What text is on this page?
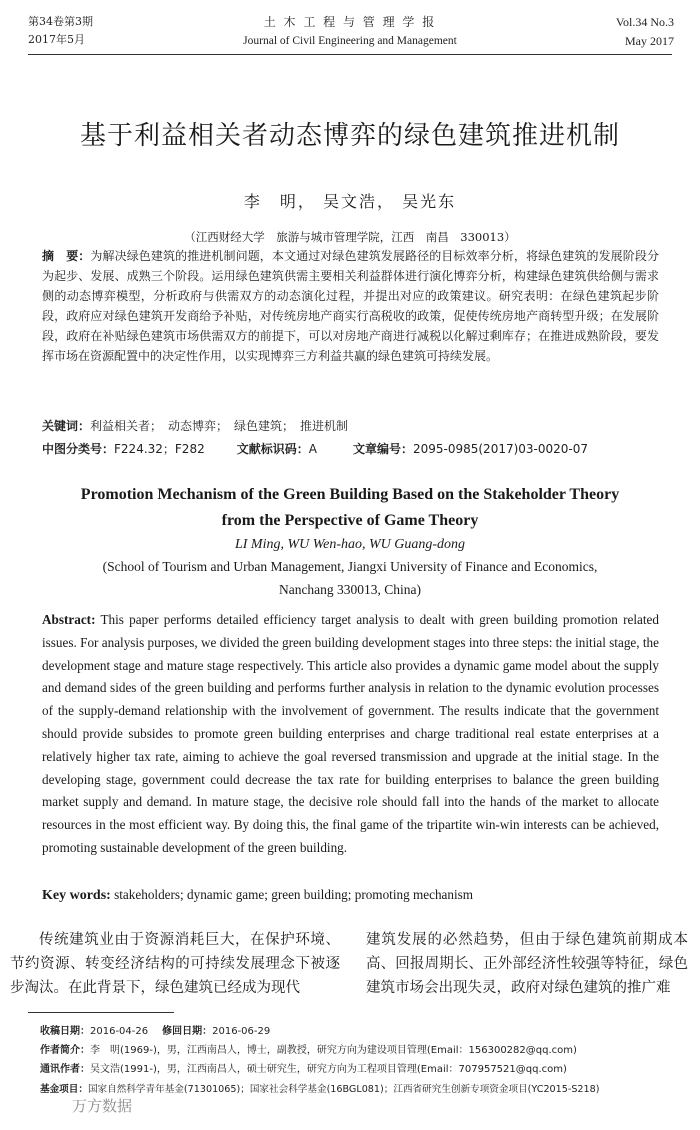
第34卷第3期
2017年5月
土 木 工 程 与 管 理 学 报
Journal of Civil Engineering and Management
Vol.34 No.3
May 2017
基于利益相关者动态博弈的绿色建筑推进机制
李　明， 吴文浩， 吴光东
（江西财经大学　旅游与城市管理学院，江西　南昌　330013）
摘　要：为解决绿色建筑的推进机制问题，本文通过对绿色建筑发展路径的目标效率分析，将绿色建筑的发展阶段分为起步、发展、成熟三个阶段。运用绿色建筑供需主要相关利益群体进行演化博弈分析，构建绿色建筑供给侧与需求侧的动态博弈模型，分析政府与供需双方的动态演化过程，并提出对应的政策建议。研究表明：在绿色建筑起步阶段，政府应对绿色建筑开发商给予补贴，对传统房地产商实行高税收的政策，促使传统房地产商转型升级；在发展阶段，政府在补贴绿色建筑市场供需双方的前提下，可以对房地产商进行减税以化解过剩库存；在推进成熟阶段，要发挥市场在资源配置中的决定性作用，以实现博弈三方利益共赢的绿色建筑可持续发展。
关键词：利益相关者；　动态博弈；　绿色建筑；　推进机制
中图分类号：F224.32；F282	文献标识码：A	文章编号：2095-0985(2017)03-0020-07
Promotion Mechanism of the Green Building Based on the Stakeholder Theory
from the Perspective of Game Theory
LI Ming, WU Wen-hao, WU Guang-dong
(School of Tourism and Urban Management, Jiangxi University of Finance and Economics,
Nanchang 330013, China)
Abstract: This paper performs detailed efficiency target analysis to dealt with green building promotion related issues. For analysis purposes, we divided the green building development stages into three steps: the initial stage, the development stage and mature stage respectively. This article also provides a dynamic game model about the supply and demand sides of the green building and performs further analysis in relation to the dynamic evolution processes of the supply-demand relationship with the involvement of government. The results indicate that the government should provide subsides to promote green building enterprises and charge traditional real estate enterprises at a relatively higher tax rate, aiming to achieve the goal reversed transmission and upgrade at the initial stage. In the developing stage, government could decrease the tax rate for building enterprises to balance the green building market supply and demand. In mature stage, the decisive role should fall into the hands of the market to allocate resources in the most efficient way. By doing this, the final game of the tripartite win-win interests can be achieved, promoting sustainable development of the green building.
Key words: stakeholders; dynamic game; green building; promoting mechanism
传统建筑业由于资源消耗巨大，在保护环境、节约资源、转变经济结构的可持续发展理念下被逐步淘汰。在此背景下，绿色建筑已经成为现代
建筑发展的必然趋势，但由于绿色建筑前期成本高、回报周期长、正外部经济性较强等特征，绿色建筑市场会出现失灵，政府对绿色建筑的推广难
收稿日期：2016-04-26 修回日期：2016-06-29
作者简介：李　明(1969-)，男，江西南昌人，博士，副教授，研究方向为建设项目管理(Email：156300282@qq.com)
通讯作者：吴文浩(1991-)，男，江西南昌人，硕士研究生，研究方向为工程项目管理(Email：707957521@qq.com)
基金项目：国家自然科学青年基金(71301065)；国家社会科学基金(16BGL081)；江西省研究生创新专项资金项目(YC2015-S218)
万方数据
